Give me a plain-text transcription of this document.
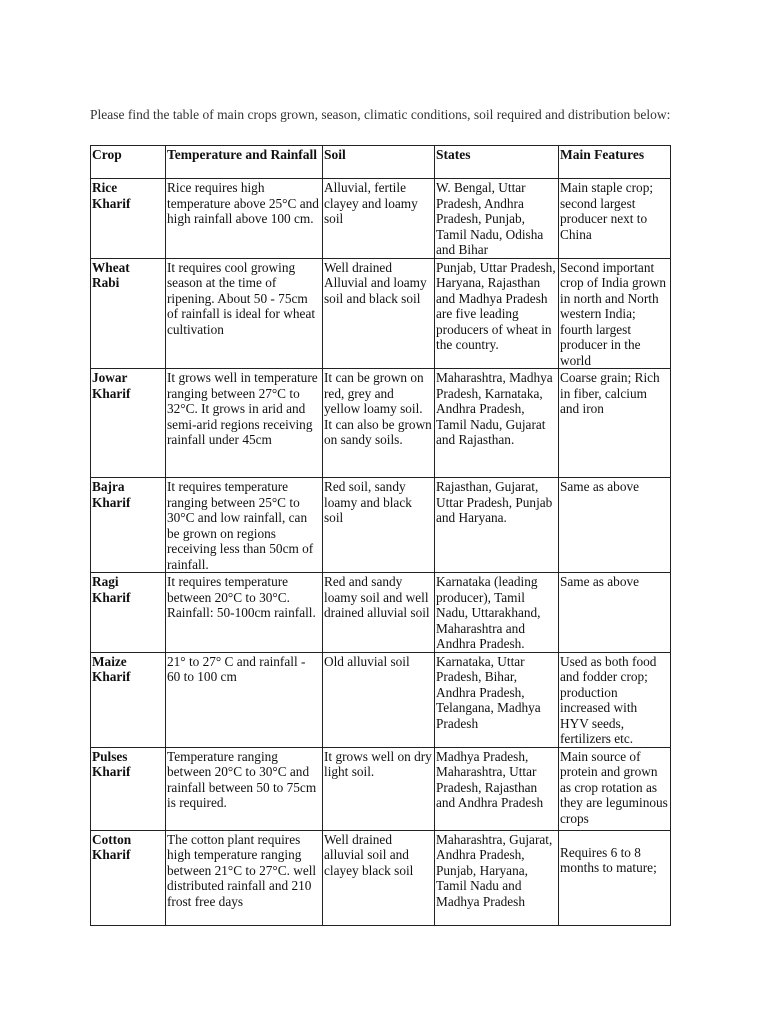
Please find the table of main crops grown, season, climatic conditions, soil required and distribution below:

Crop	Temperature and Rainfall	Soil	States	Main Features

Rice
Kharif	Rice requires high temperature above 25°C and high rainfall above 100 cm.	Alluvial, fertile clayey and loamy soil	W. Bengal, Uttar Pradesh, Andhra Pradesh, Punjab, Tamil Nadu, Odisha and Bihar	Main staple crop; second largest producer next to China

Wheat
Rabi	It requires cool growing season at the time of ripening. About 50 - 75cm of rainfall is ideal for wheat cultivation	Well drained Alluvial and loamy soil and black soil	Punjab, Uttar Pradesh, Haryana, Rajasthan and Madhya Pradesh are five leading producers of wheat in the country.	Second important crop of India grown in north and North western India; fourth largest producer in the world

Jowar
Kharif	It grows well in temperature ranging between 27°C to 32°C. It grows in arid and semi-arid regions receiving rainfall under 45cm	It can be grown on red, grey and yellow loamy soil. It can also be grown on sandy soils.	Maharashtra, Madhya Pradesh, Karnataka, Andhra Pradesh, Tamil Nadu, Gujarat and Rajasthan.	Coarse grain; Rich in fiber, calcium and iron

Bajra
Kharif	It requires temperature ranging between 25°C to 30°C and low rainfall, can be grown on regions receiving less than 50cm of rainfall.	Red soil, sandy loamy and black soil	Rajasthan, Gujarat, Uttar Pradesh, Punjab and Haryana.	Same as above

Ragi
Kharif	It requires temperature between 20°C to 30°C. Rainfall: 50-100cm rainfall.	Red and sandy loamy soil and well drained alluvial soil	Karnataka (leading producer), Tamil Nadu, Uttarakhand, Maharashtra and Andhra Pradesh.	Same as above

Maize
Kharif	21° to 27° C and rainfall - 60 to 100 cm	Old alluvial soil	Karnataka, Uttar Pradesh, Bihar, Andhra Pradesh, Telangana, Madhya Pradesh	Used as both food and fodder crop; production increased with HYV seeds, fertilizers etc.

Pulses
Kharif	Temperature ranging between 20°C to 30°C and rainfall between 50 to 75cm is required.	It grows well on dry light soil.	Madhya Pradesh, Maharashtra, Uttar Pradesh, Rajasthan and Andhra Pradesh	Main source of protein and grown as crop rotation as they are leguminous crops

Cotton
Kharif	The cotton plant requires high temperature ranging between 21°C to 27°C. well distributed rainfall and 210 frost free days	Well drained alluvial soil and clayey black soil	Maharashtra, Gujarat, Andhra Pradesh, Punjab, Haryana, Tamil Nadu and Madhya Pradesh	Requires 6 to 8 months to mature;
